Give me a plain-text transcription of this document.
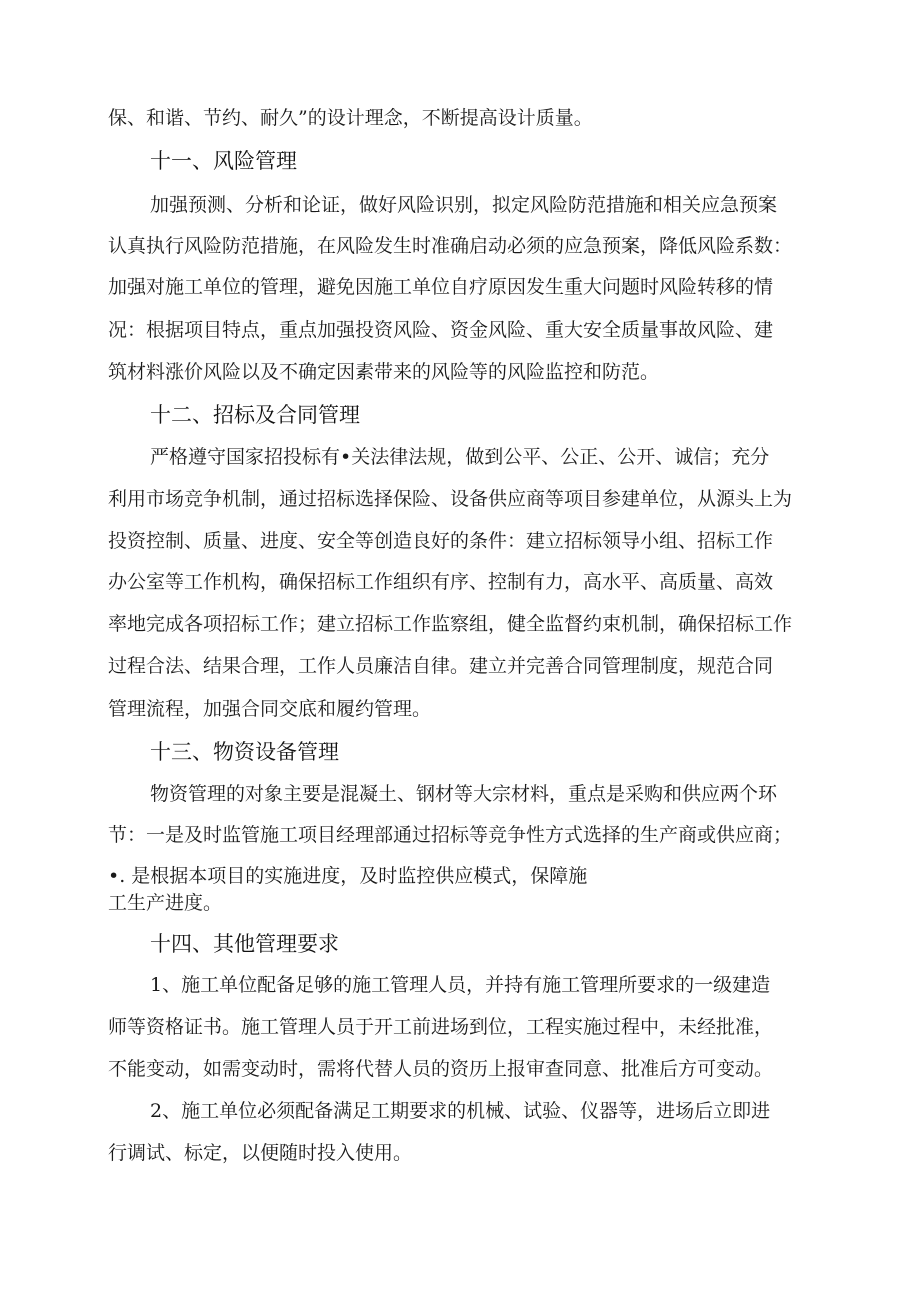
保、和谐、节约、耐久”的设计理念，不断提高设计质量。
十一、风险管理
加强预测、分析和论证，做好风险识别，拟定风险防范措施和相关应急预案
认真执行风险防范措施，在风险发生时准确启动必须的应急预案，降低风险系数：
加强对施工单位的管理，避免因施工单位自疗原因发生重大问题时风险转移的情
况：根据项目特点，重点加强投资风险、资金风险、重大安全质量事故风险、建
筑材料涨价风险以及不确定因素带来的风险等的风险监控和防范。
十二、招标及合同管理
严格遵守国家招投标有•关法律法规，做到公平、公正、公开、诚信；充分
利用市场竞争机制，通过招标选择保险、设备供应商等项目参建单位，从源头上为
投资控制、质量、进度、安全等创造良好的条件：建立招标领导小组、招标工作
办公室等工作机构，确保招标工作组织有序、控制有力，高水平、高质量、高效
率地完成各项招标工作；建立招标工作监察组，健全监督约束机制，确保招标工作
过程合法、结果合理，工作人员廉洁自律。建立并完善合同管理制度，规范合同
管理流程，加强合同交底和履约管理。
十三、物资设备管理
物资管理的对象主要是混凝土、钢材等大宗材料，重点是采购和供应两个环
节：一是及时监管施工项目经理部通过招标等竞争性方式选择的生产商或供应商；
•. 是根据本项目的实施进度，及时监控供应模式，保障施
工生产进度。
十四、其他管理要求
1、施工单位配备足够的施工管理人员，并持有施工管理所要求的一级建造
师等资格证书。施工管理人员于开工前进场到位，工程实施过程中，未经批准，
不能变动，如需变动时，需将代替人员的资历上报审查同意、批准后方可变动。
2、施工单位必须配备满足工期要求的机械、试验、仪器等，进场后立即进
行调试、标定，以便随时投入使用。
